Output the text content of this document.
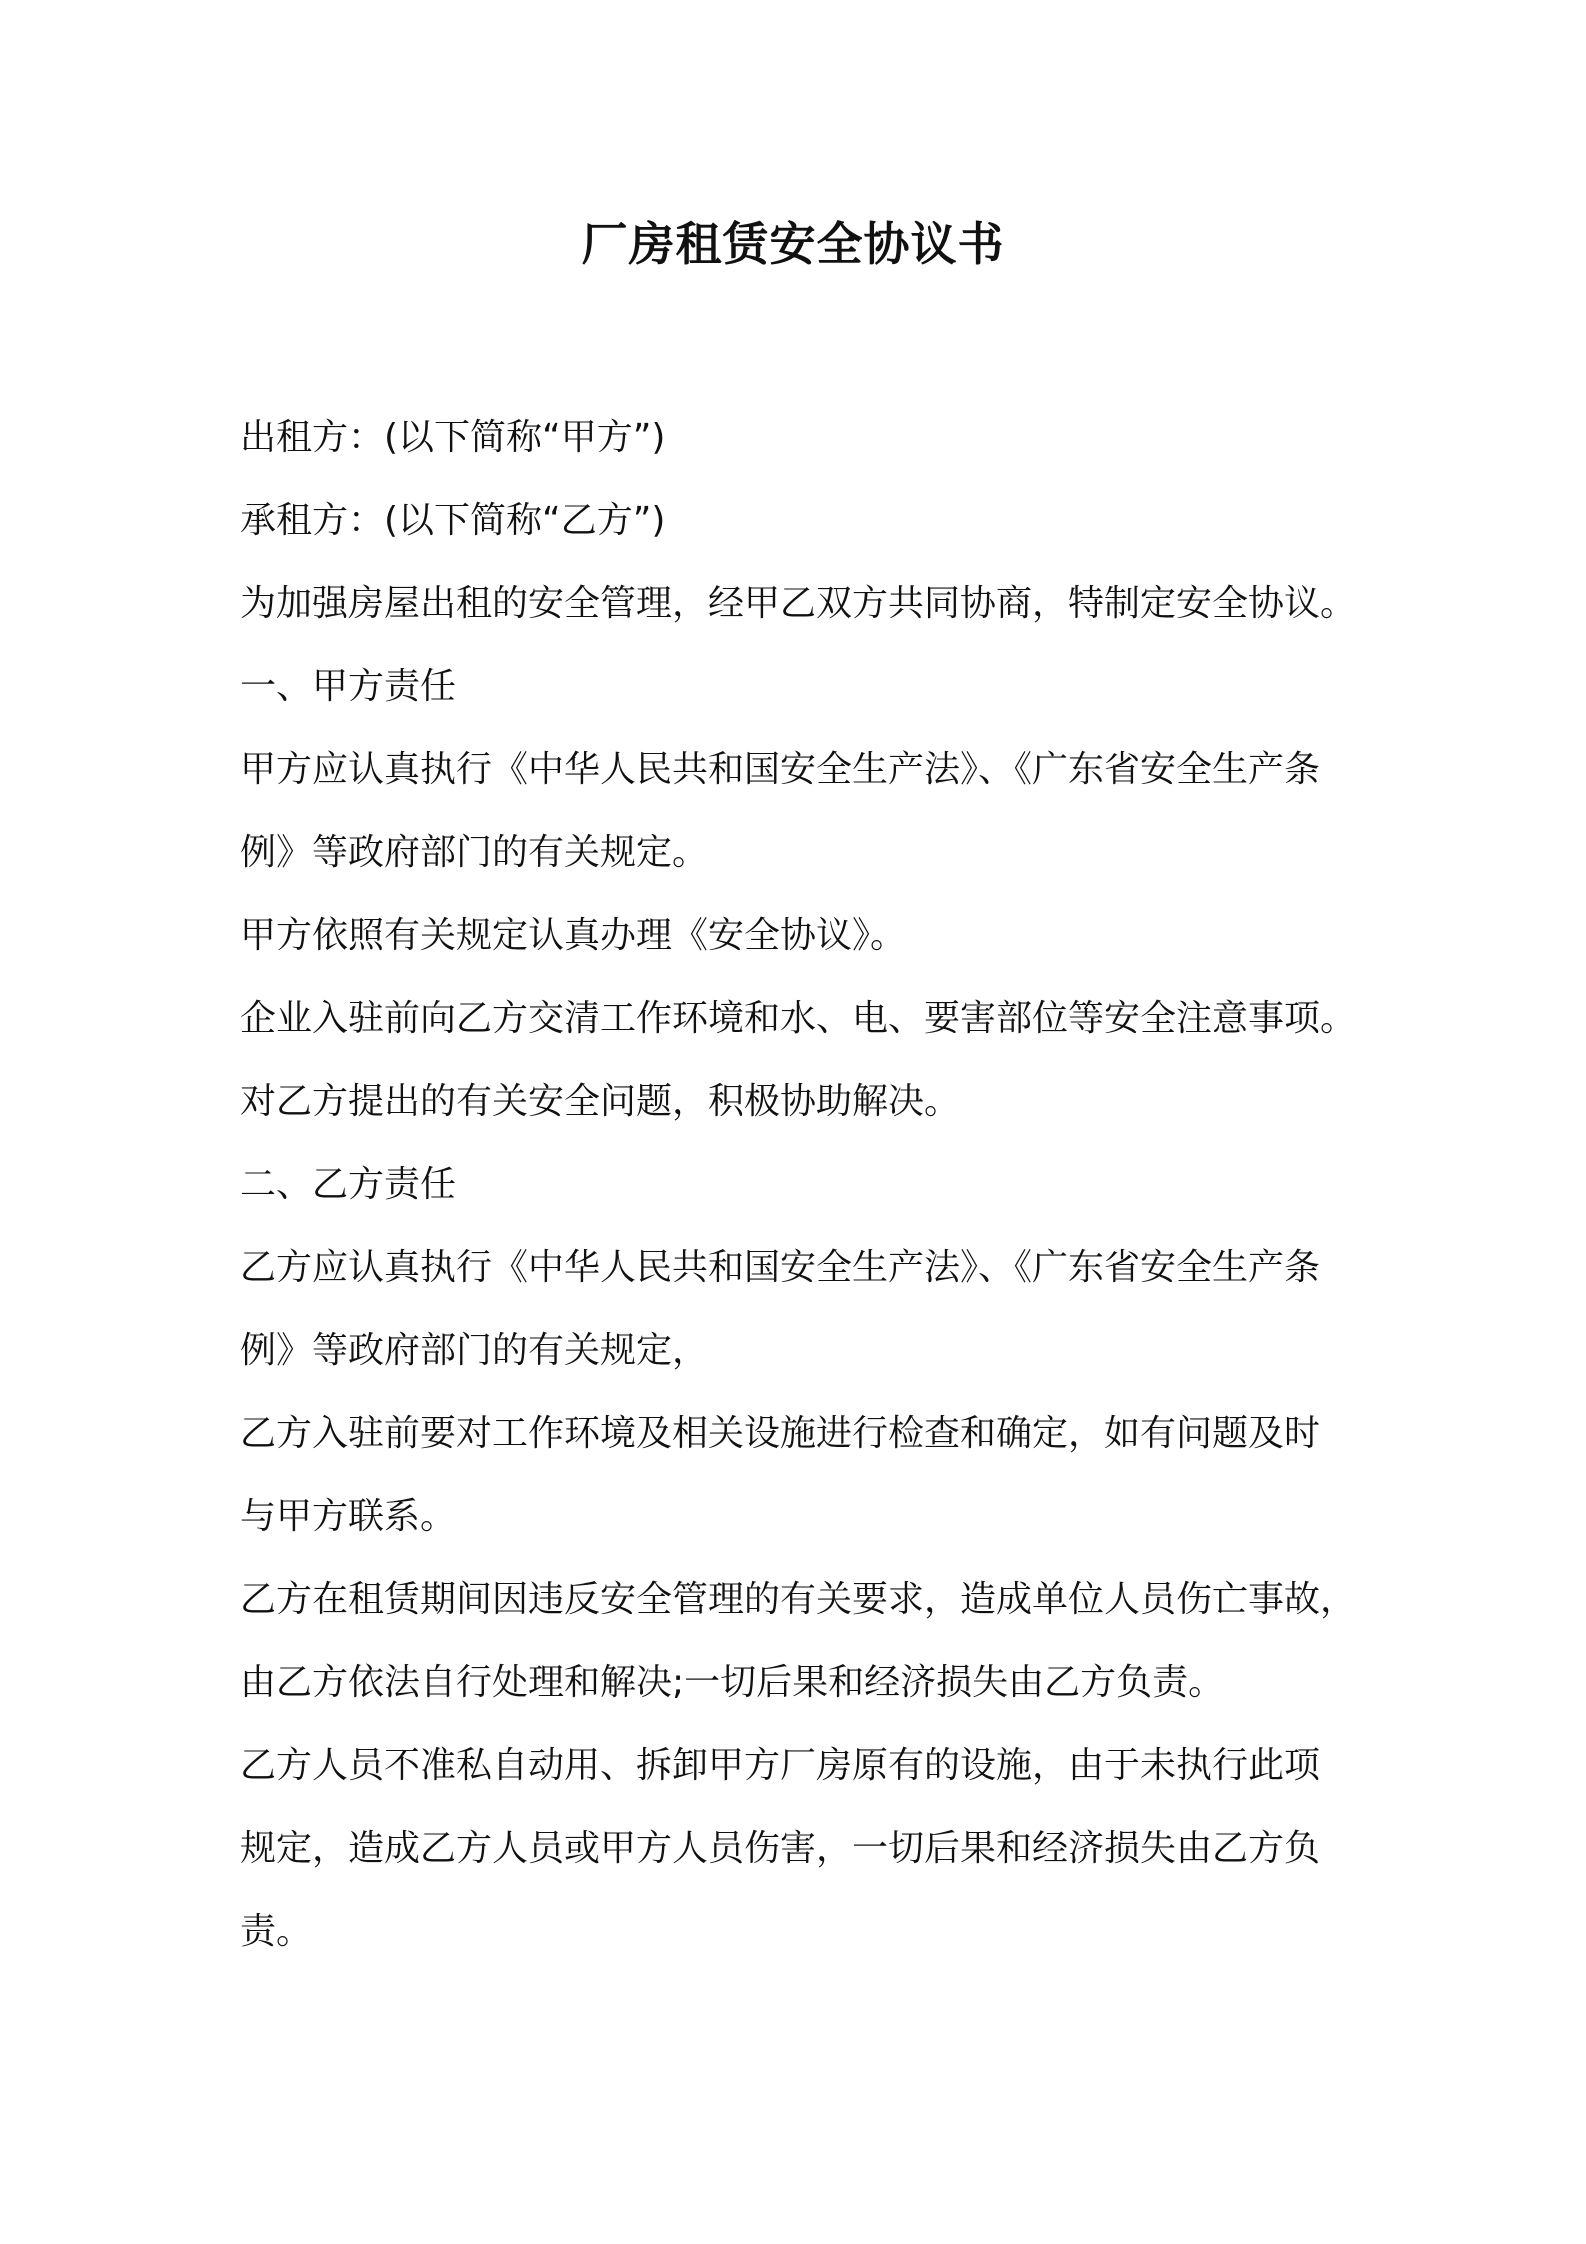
厂房租赁安全协议书
出租方：(以下简称“甲方”)
承租方：(以下简称“乙方”)
为加强房屋出租的安全管理，经甲乙双方共同协商，特制定安全协议。
一、甲方责任
甲方应认真执行《中华人民共和国安全生产法》、《广东省安全生产条
例》等政府部门的有关规定。
甲方依照有关规定认真办理《安全协议》。
企业入驻前向乙方交清工作环境和水、电、要害部位等安全注意事项。
对乙方提出的有关安全问题，积极协助解决。
二、乙方责任
乙方应认真执行《中华人民共和国安全生产法》、《广东省安全生产条
例》等政府部门的有关规定，
乙方入驻前要对工作环境及相关设施进行检查和确定，如有问题及时
与甲方联系。
乙方在租赁期间因违反安全管理的有关要求，造成单位人员伤亡事故，
由乙方依法自行处理和解决;一切后果和经济损失由乙方负责。
乙方人员不准私自动用、拆卸甲方厂房原有的设施，由于未执行此项
规定，造成乙方人员或甲方人员伤害，一切后果和经济损失由乙方负
责。
